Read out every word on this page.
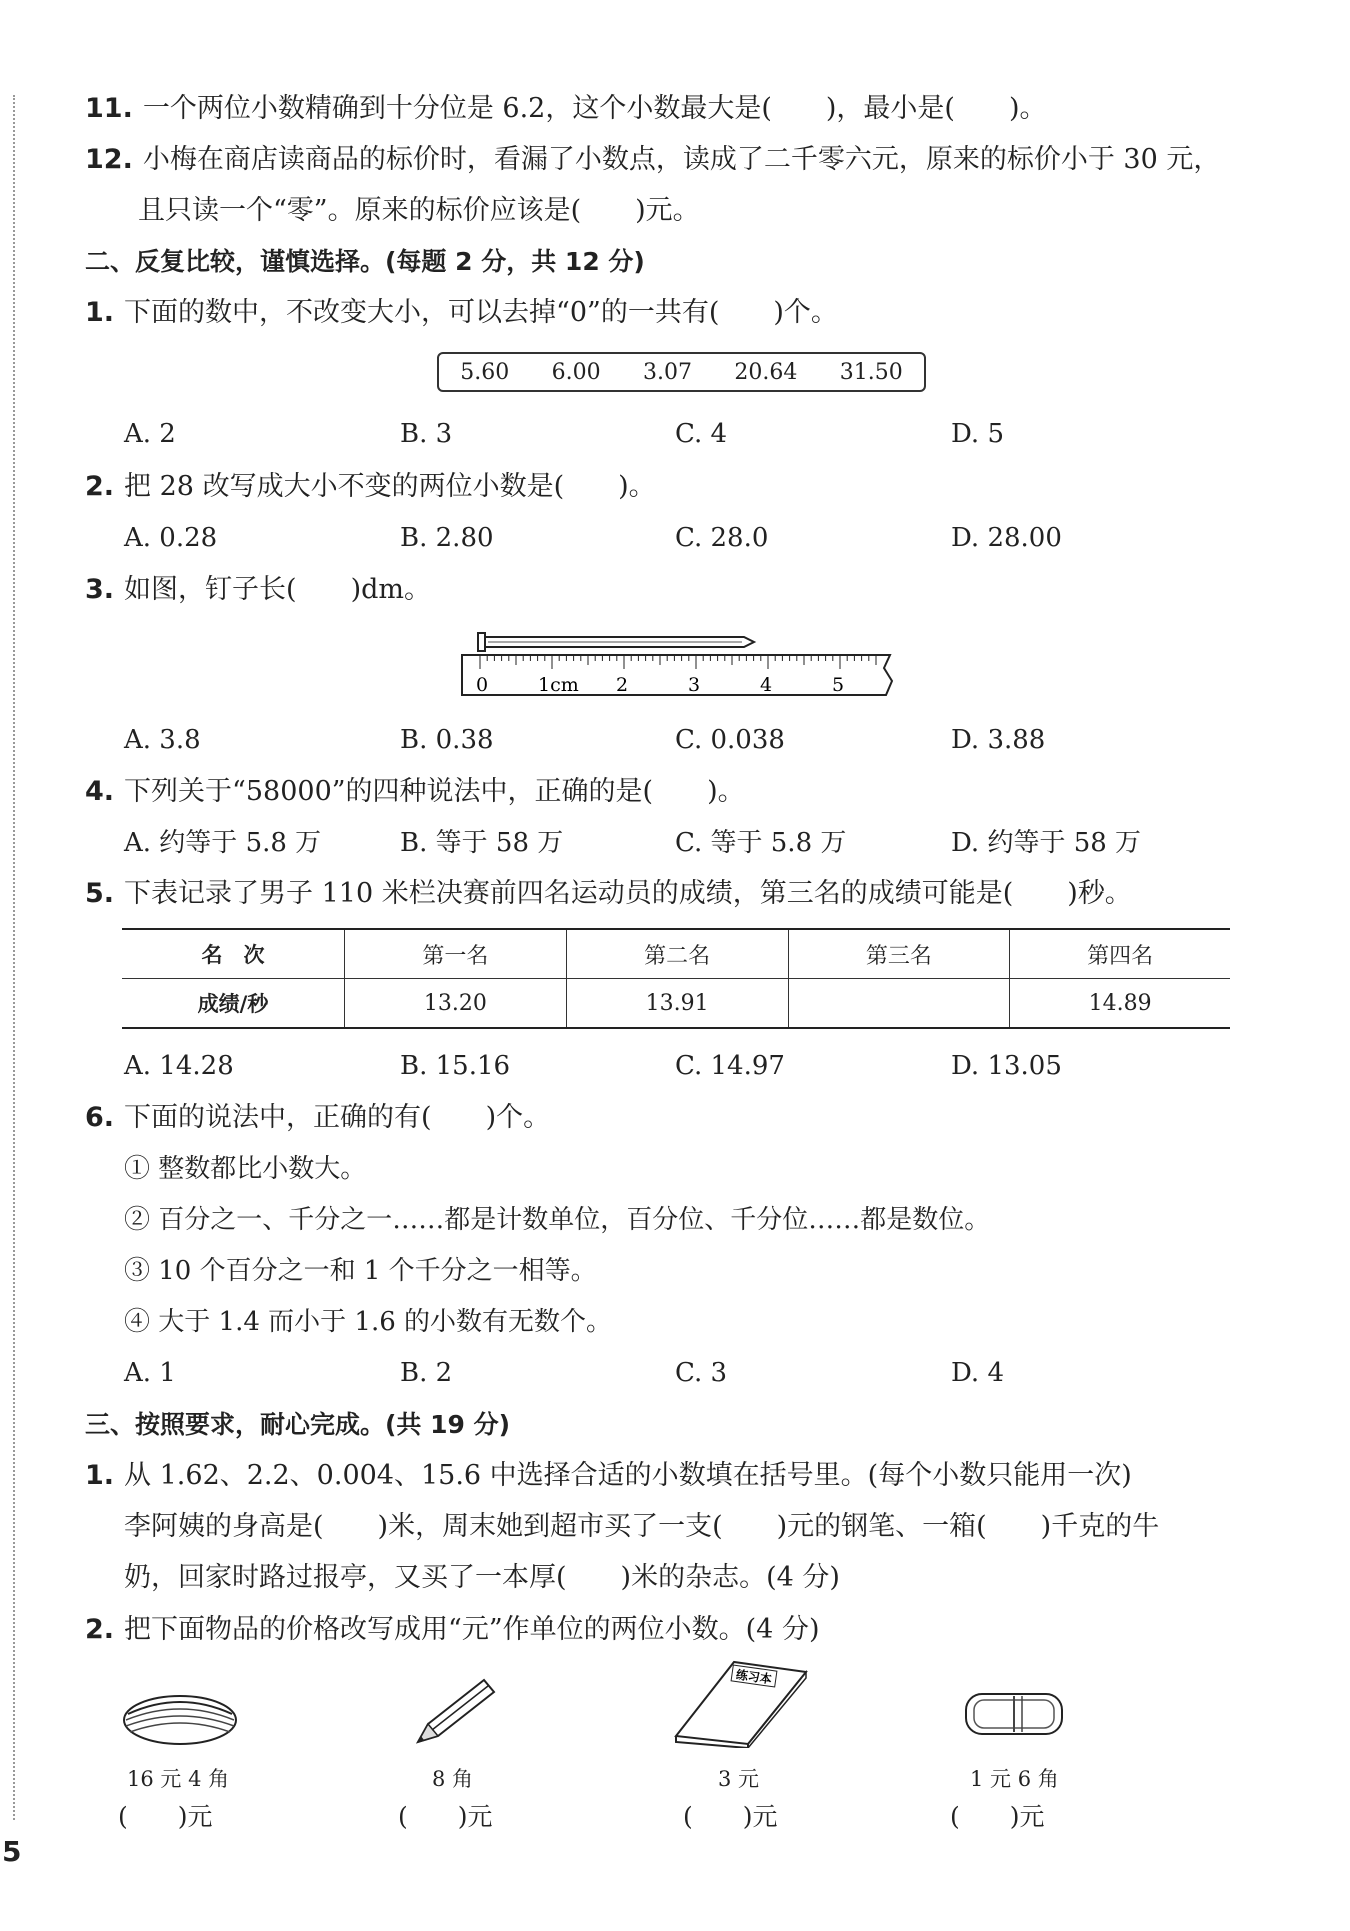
11. 一个两位小数精确到十分位是 6.2，这个小数最大是(　　)，最小是(　　)。
12. 小梅在商店读商品的标价时，看漏了小数点，读成了二千零六元，原来的标价小于 30 元，
且只读一个“零”。原来的标价应该是(　　)元。
二、反复比较，谨慎选择。(每题 2 分，共 12 分)
1. 下面的数中，不改变大小，可以去掉“0”的一共有(　　)个。
5.60 6.00 3.07 20.64 31.50
A. 2	B. 3	C. 4	D. 5
2. 把 28 改写成大小不变的两位小数是(　　)。
A. 0.28	B. 2.80	C. 28.0	D. 28.00
3. 如图，钉子长(　　)dm。
0	1cm 2	3	4	5
A. 3.8	B. 0.38	C. 0.038	D. 3.88
4. 下列关于“58000”的四种说法中，正确的是(　　)。
A. 约等于 5.8 万	B. 等于 58 万	C. 等于 5.8 万	D. 约等于 58 万
5. 下表记录了男子 110 米栏决赛前四名运动员的成绩，第三名的成绩可能是(　　)秒。
名　次	第一名	第二名	第三名	第四名
成绩/秒	13.20	13.91		14.89
A. 14.28	B. 15.16	C. 14.97	D. 13.05
6. 下面的说法中，正确的有(　　)个。
① 整数都比小数大。
② 百分之一、千分之一……都是计数单位，百分位、千分位……都是数位。
③ 10 个百分之一和 1 个千分之一相等。
④ 大于 1.4 而小于 1.6 的小数有无数个。
A. 1	B. 2	C. 3	D. 4
三、按照要求，耐心完成。(共 19 分)
1. 从 1.62、2.2、0.004、15.6 中选择合适的小数填在括号里。(每个小数只能用一次)
李阿姨的身高是(　　)米，周末她到超市买了一支(　　)元的钢笔、一箱(　　)千克的牛
奶，回家时路过报亭，又买了一本厚(　　)米的杂志。(4 分)
2. 把下面物品的价格改写成用“元”作单位的两位小数。(4 分)
练习本
16 元 4 角	8 角	3 元	1 元 6 角
(　　)元	(　　)元	(　　)元	(　　)元
5
